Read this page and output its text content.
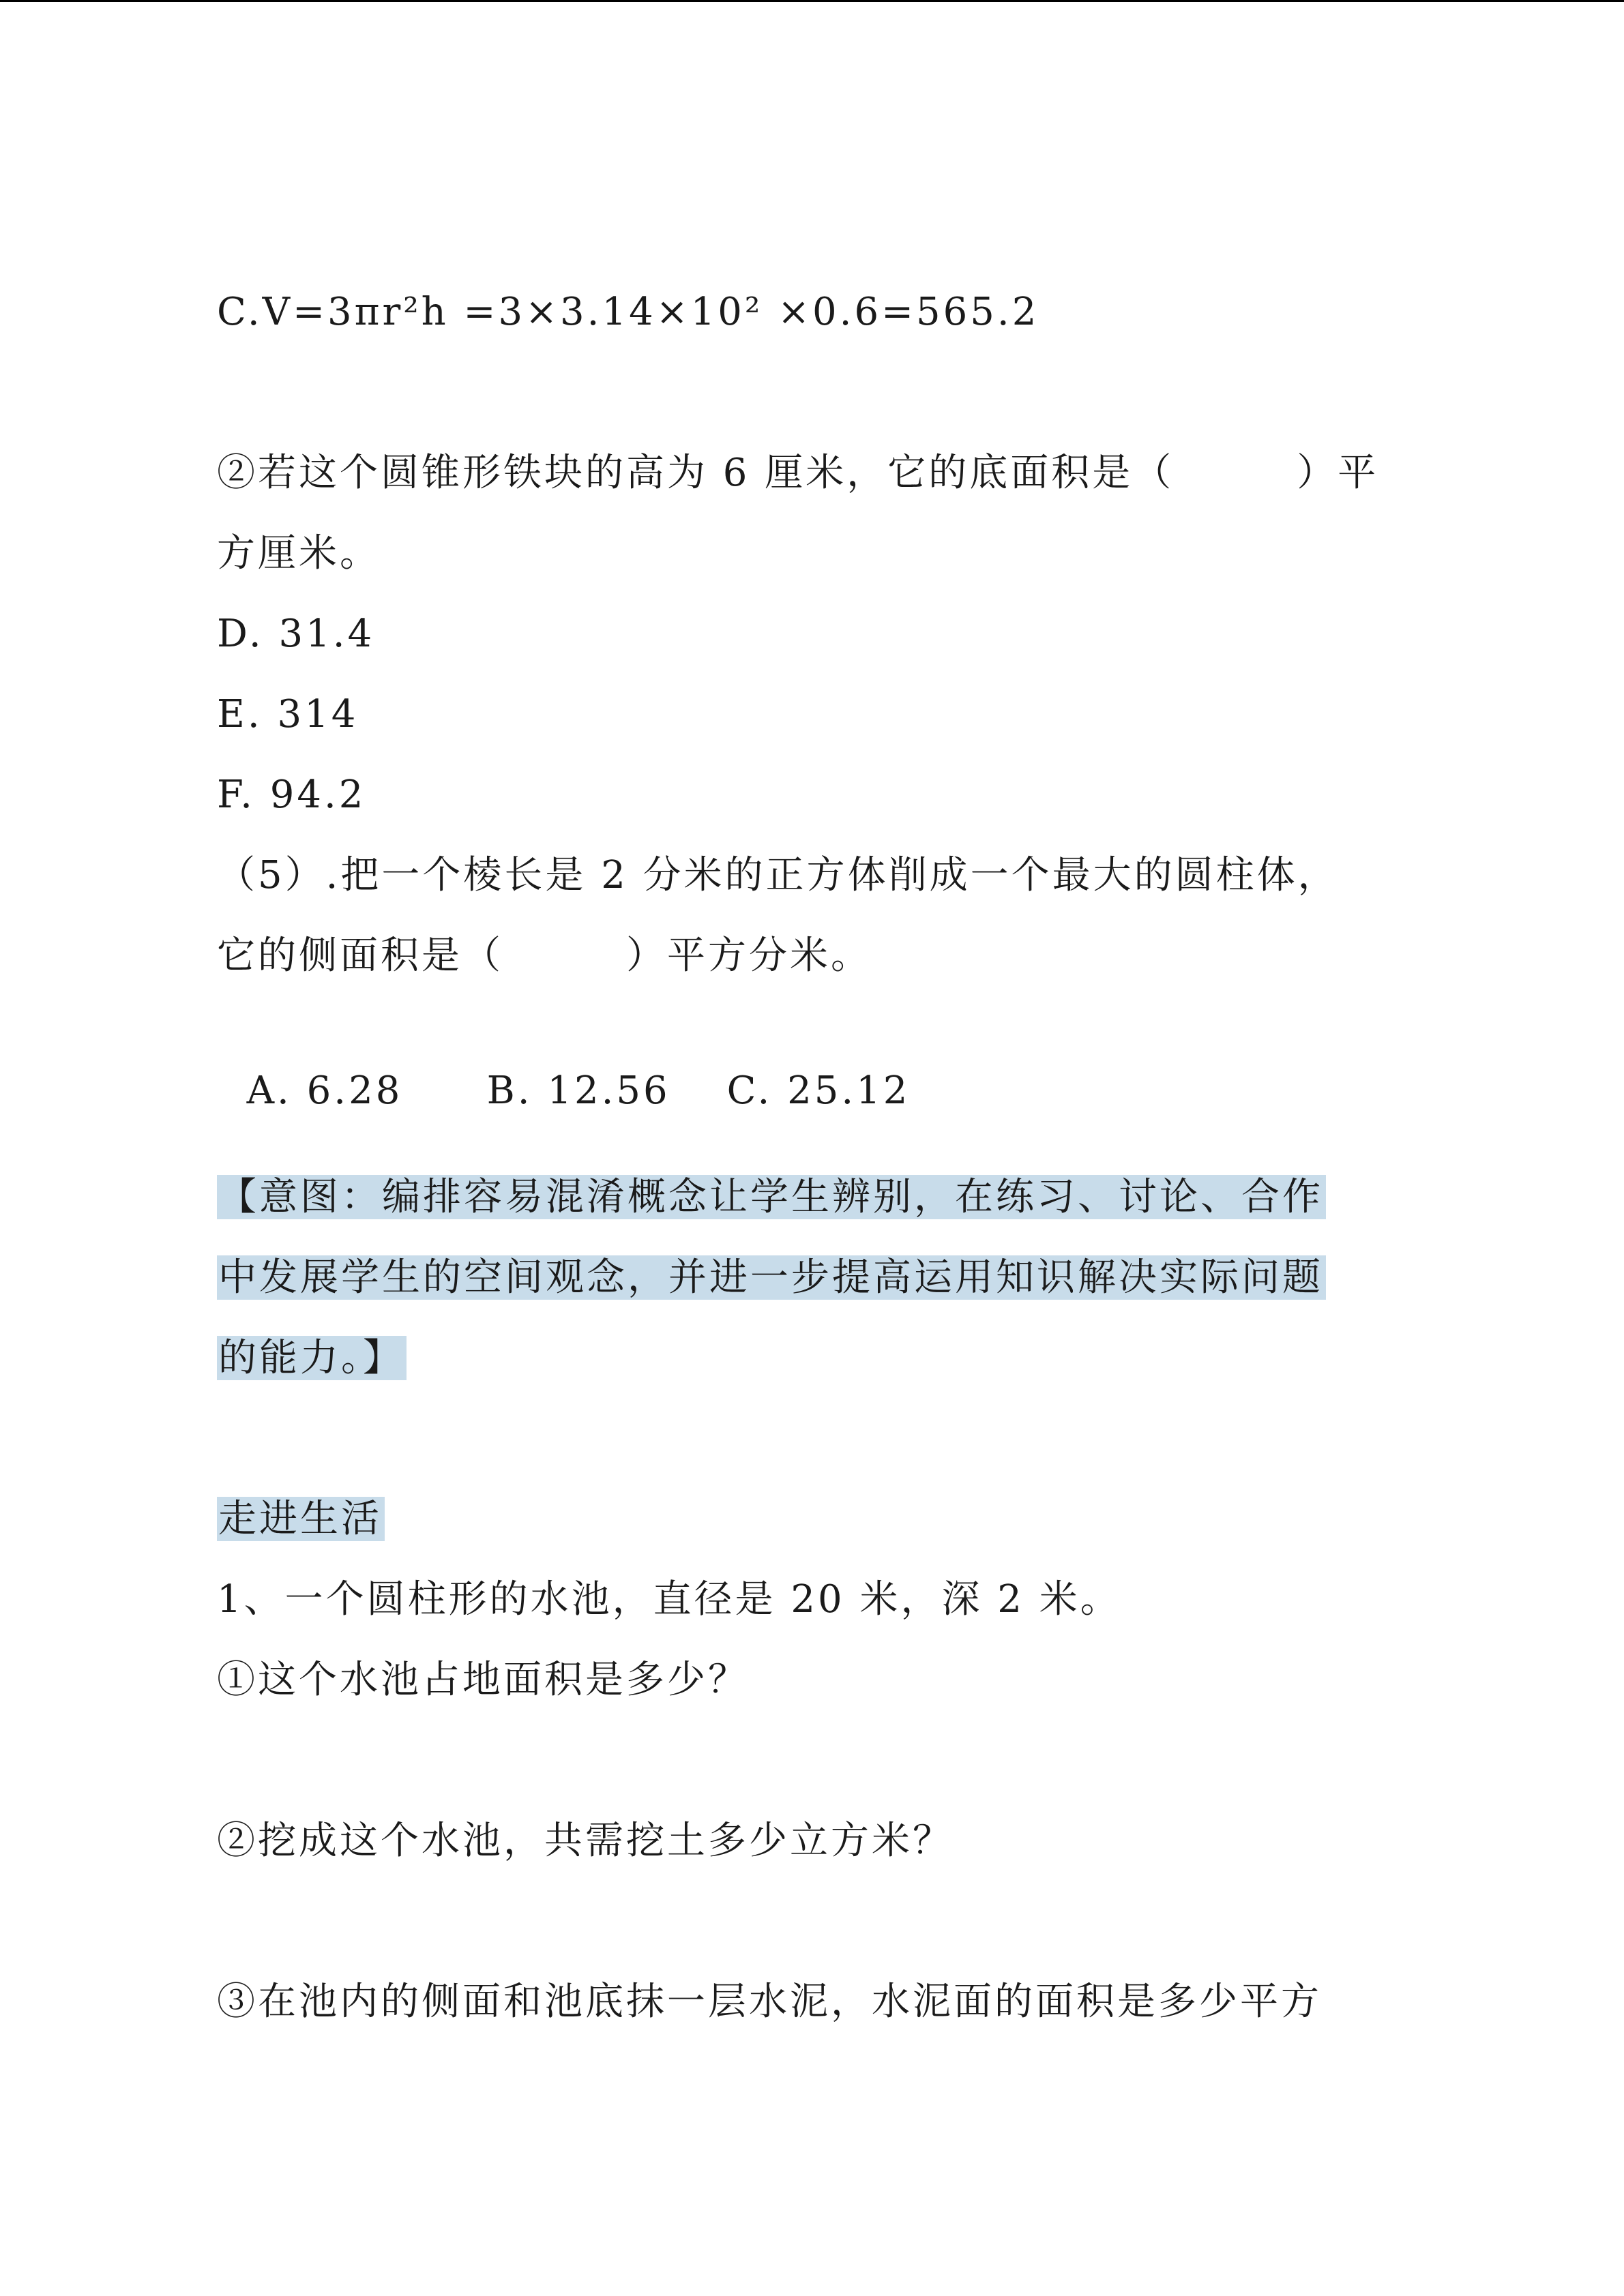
C.V=3πr²h =3×3.14×10² ×0.6=565.2
②若这个圆锥形铁块的高为 6 厘米，它的底面积是（　　　）平
方厘米。
D. 31.4
E. 314
F. 94.2
（5）.把一个棱长是 2 分米的正方体削成一个最大的圆柱体，
它的侧面积是（　　　）平方分米。

A. 6.28 B. 12.56 C. 25.12

【意图：编排容易混淆概念让学生辨别，在练习、讨论、合作
中发展学生的空间观念，并进一步提高运用知识解决实际问题
的能力。】
走进生活
1、一个圆柱形的水池，直径是 20 米，深 2 米。
①这个水池占地面积是多少？
②挖成这个水池，共需挖土多少立方米？
③在池内的侧面和池底抹一层水泥，水泥面的面积是多少平方
